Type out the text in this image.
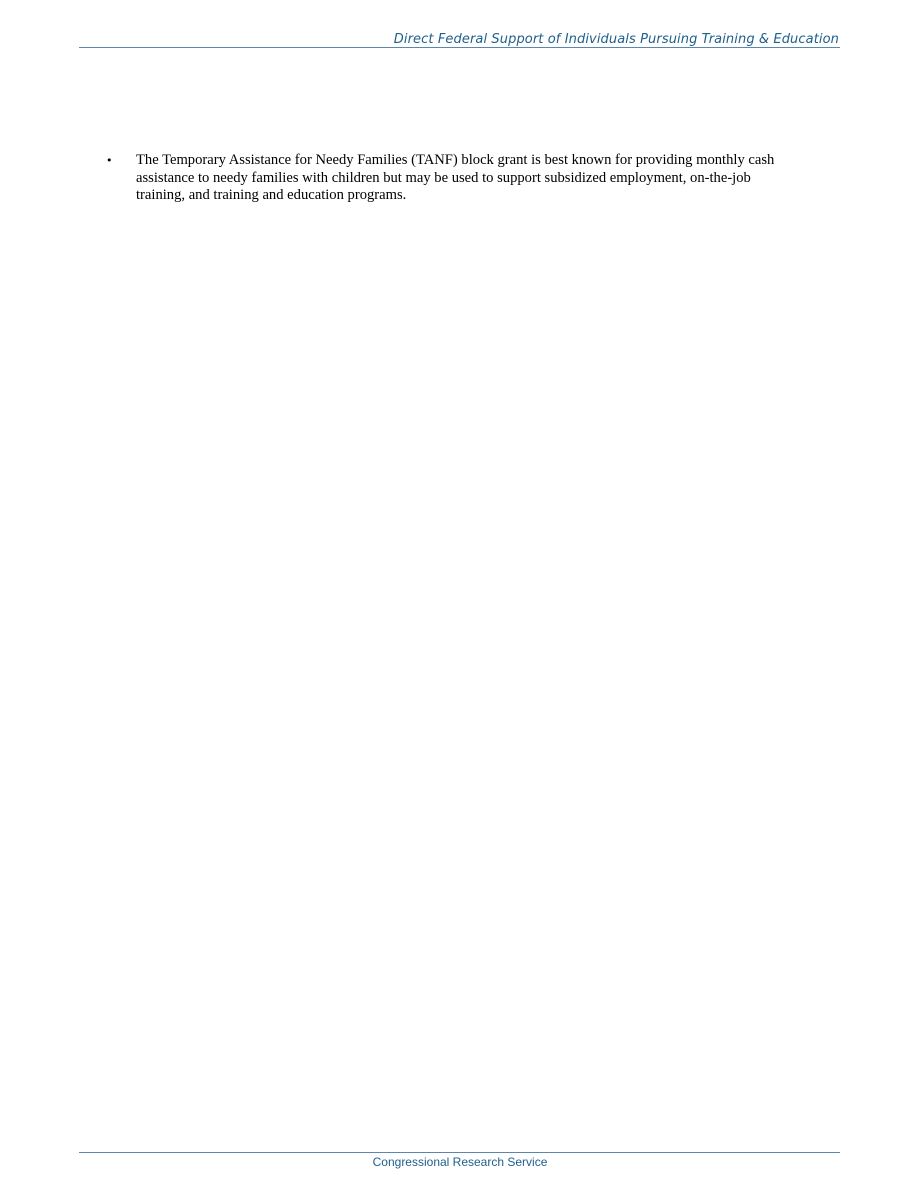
Direct Federal Support of Individuals Pursuing Training & Education
• The Temporary Assistance for Needy Families (TANF) block grant is best known for providing monthly cash assistance to needy families with children but may be used to support subsidized employment, on-the-job training, and training and education programs.
Congressional Research Service
